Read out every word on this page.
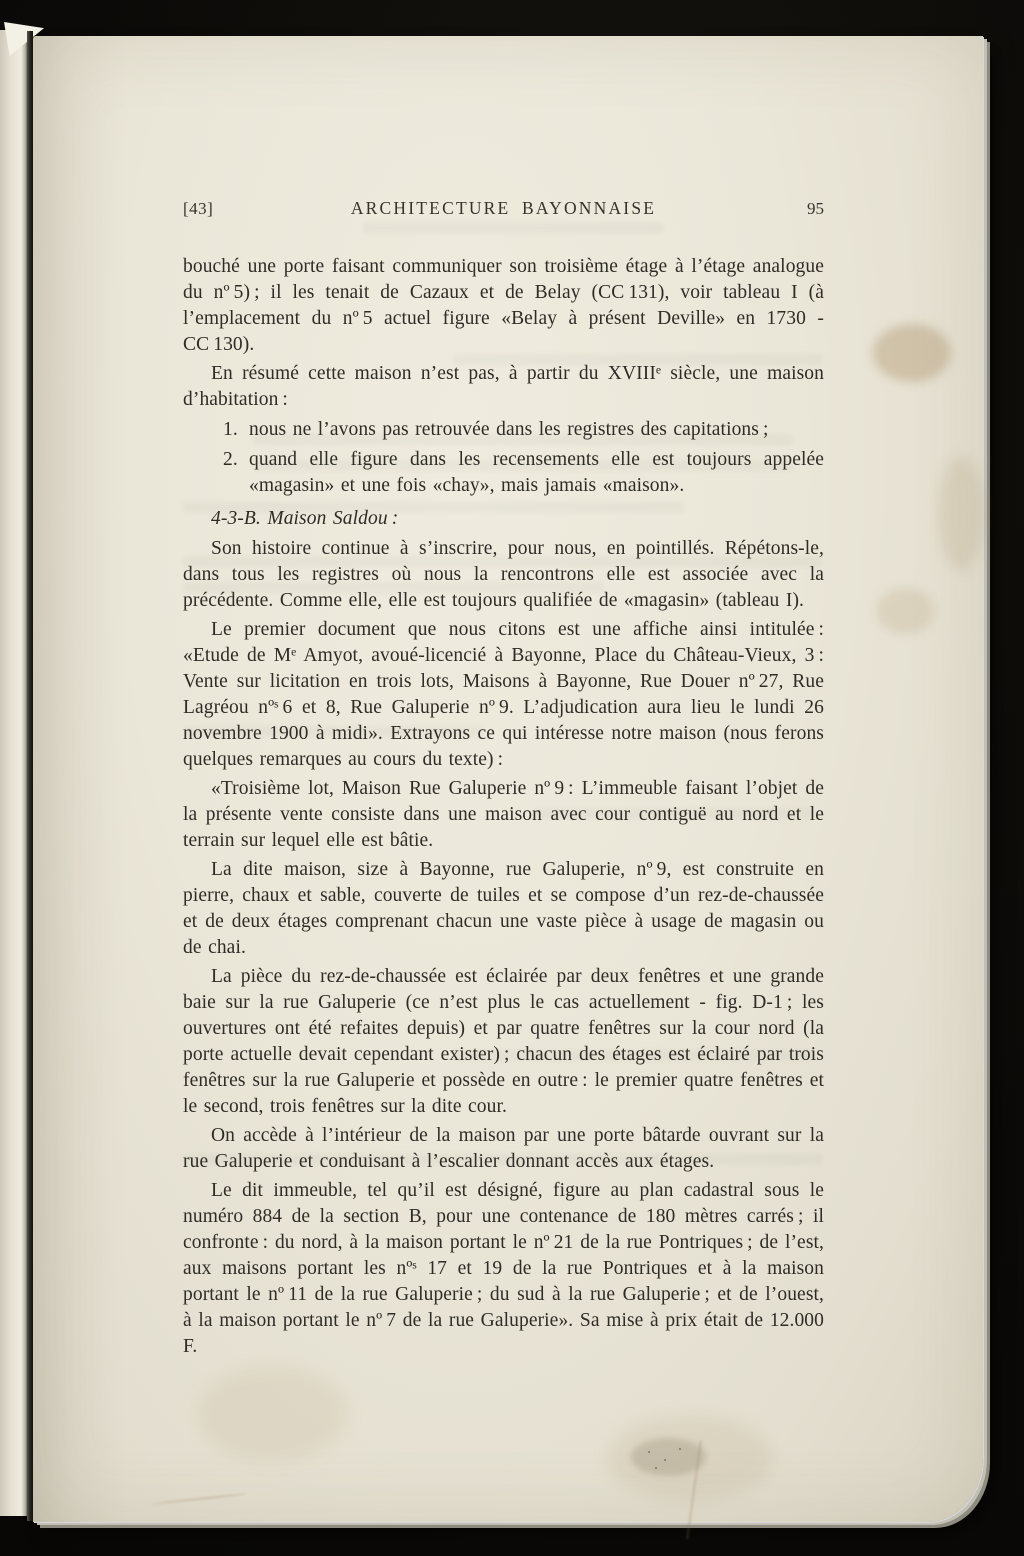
[43]	ARCHITECTURE BAYONNAISE	95

bouché une porte faisant communiquer son troisième étage à l’étage analogue du nº 5) ; il les tenait de Cazaux et de Belay (CC 131), voir tableau I (à l’emplacement du nº 5 actuel figure «Belay à présent Deville» en 1730 - CC 130).

En résumé cette maison n’est pas, à partir du XVIIIᵉ siècle, une maison d’habitation :

1. nous ne l’avons pas retrouvée dans les registres des capitations ;
2. quand elle figure dans les recensements elle est toujours appelée «magasin» et une fois «chay», mais jamais «maison».

4-3-B. Maison Saldou :

Son histoire continue à s’inscrire, pour nous, en pointillés. Répétons-le, dans tous les registres où nous la rencontrons elle est associée avec la précédente. Comme elle, elle est toujours qualifiée de «magasin» (tableau I).

Le premier document que nous citons est une affiche ainsi intitulée : «Etude de Mᵉ Amyot, avoué-licencié à Bayonne, Place du Château-Vieux, 3 : Vente sur licitation en trois lots, Maisons à Bayonne, Rue Douer nº 27, Rue Lagréou nºˢ 6 et 8, Rue Galuperie nº 9. L’adjudication aura lieu le lundi 26 novembre 1900 à midi». Extrayons ce qui intéresse notre maison (nous ferons quelques remarques au cours du texte) :

«Troisième lot, Maison Rue Galuperie nº 9 : L’immeuble faisant l’objet de la présente vente consiste dans une maison avec cour contiguë au nord et le terrain sur lequel elle est bâtie.

La dite maison, size à Bayonne, rue Galuperie, nº 9, est construite en pierre, chaux et sable, couverte de tuiles et se compose d’un rez-de-chaussée et de deux étages comprenant chacun une vaste pièce à usage de magasin ou de chai.

La pièce du rez-de-chaussée est éclairée par deux fenêtres et une grande baie sur la rue Galuperie (ce n’est plus le cas actuellement - fig. D-1 ; les ouvertures ont été refaites depuis) et par quatre fenêtres sur la cour nord (la porte actuelle devait cependant exister) ; chacun des étages est éclairé par trois fenêtres sur la rue Galuperie et possède en outre : le premier quatre fenêtres et le second, trois fenêtres sur la dite cour.

On accède à l’intérieur de la maison par une porte bâtarde ouvrant sur la rue Galuperie et conduisant à l’escalier donnant accès aux étages.

Le dit immeuble, tel qu’il est désigné, figure au plan cadastral sous le numéro 884 de la section B, pour une contenance de 180 mètres carrés ; il confronte : du nord, à la maison portant le nº 21 de la rue Pontriques ; de l’est, aux maisons portant les nºˢ 17 et 19 de la rue Pontriques et à la maison portant le nº 11 de la rue Galuperie ; du sud à la rue Galuperie ; et de l’ouest, à la maison portant le nº 7 de la rue Galuperie». Sa mise à prix était de 12.000 F.
